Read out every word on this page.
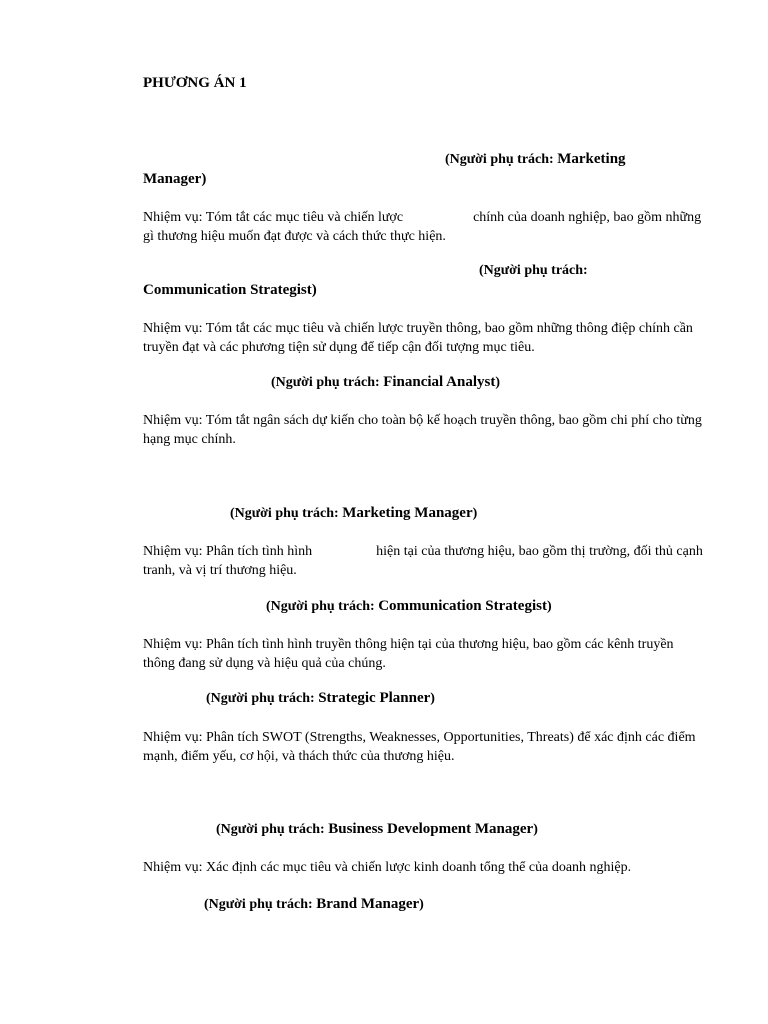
PHƯƠNG ÁN 1
(Người phụ trách: Marketing
Manager)
Nhiệm vụ: Tóm tắt các mục tiêu và chiến lược	chính của doanh nghiệp, bao gồm những gì thương hiệu muốn đạt được và cách thức thực hiện.
(Người phụ trách:
Communication Strategist)
Nhiệm vụ: Tóm tắt các mục tiêu và chiến lược truyền thông, bao gồm những thông điệp chính cần truyền đạt và các phương tiện sử dụng để tiếp cận đối tượng mục tiêu.
(Người phụ trách: Financial Analyst)
Nhiệm vụ: Tóm tắt ngân sách dự kiến cho toàn bộ kế hoạch truyền thông, bao gồm chi phí cho từng hạng mục chính.
(Người phụ trách: Marketing Manager)
Nhiệm vụ: Phân tích tình hình	hiện tại của thương hiệu, bao gồm thị trường, đối thủ cạnh tranh, và vị trí thương hiệu.
(Người phụ trách: Communication Strategist)
Nhiệm vụ: Phân tích tình hình truyền thông hiện tại của thương hiệu, bao gồm các kênh truyền thông đang sử dụng và hiệu quả của chúng.
(Người phụ trách: Strategic Planner)
Nhiệm vụ: Phân tích SWOT (Strengths, Weaknesses, Opportunities, Threats) để xác định các điểm mạnh, điểm yếu, cơ hội, và thách thức của thương hiệu.
(Người phụ trách: Business Development Manager)
Nhiệm vụ: Xác định các mục tiêu và chiến lược kinh doanh tổng thể của doanh nghiệp.
(Người phụ trách: Brand Manager)
